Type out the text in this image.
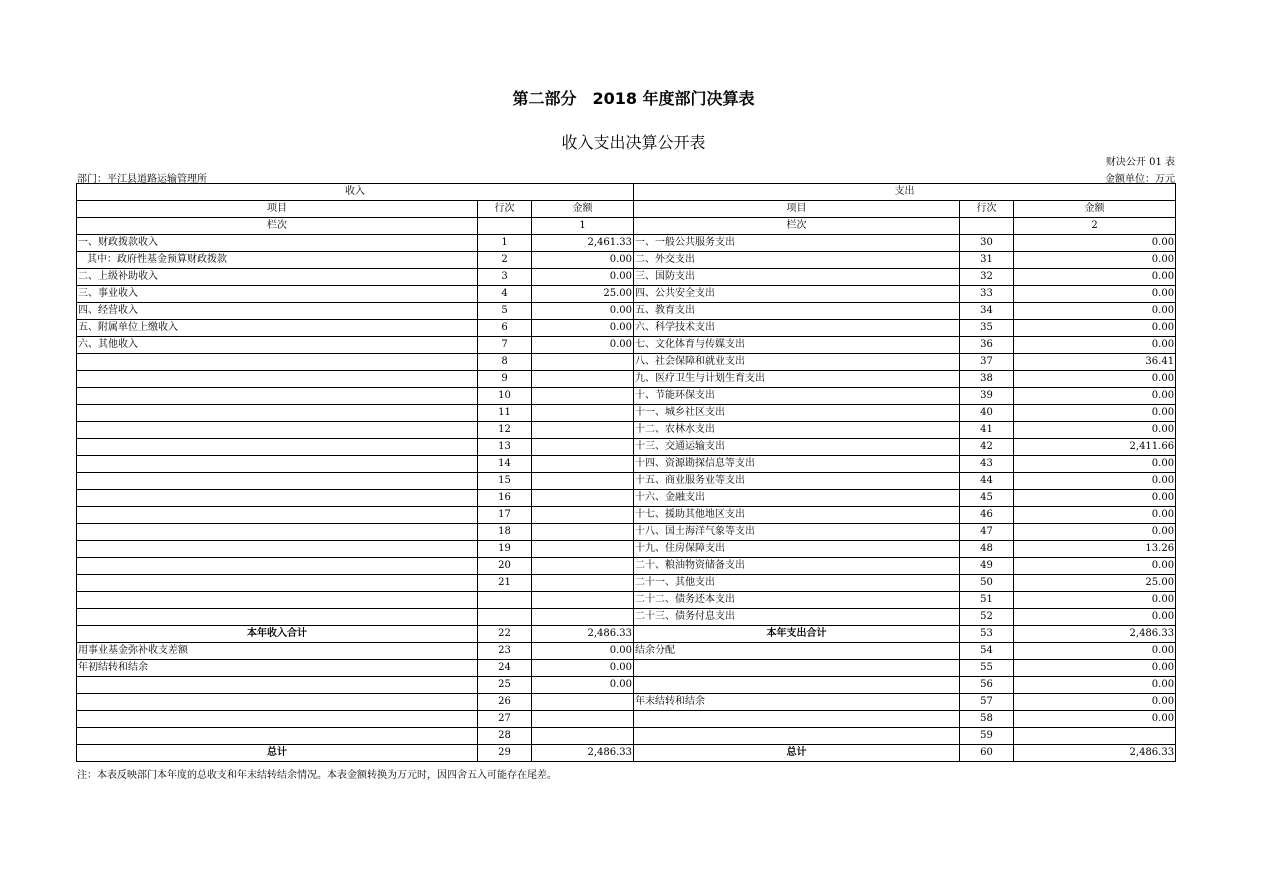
第二部分　2018 年度部门决算表
收入支出决算公开表
财决公开 01 表
部门：平江县道路运输管理所	金额单位：万元
收入			支出		
项目	行次	金额	项目	行次	金额
栏次		1	栏次		2
一、财政拨款收入	1	2,461.33	一、一般公共服务支出	30	0.00
其中：政府性基金预算财政拨款	2	0.00	二、外交支出	31	0.00
二、上级补助收入	3	0.00	三、国防支出	32	0.00
三、事业收入	4	25.00	四、公共安全支出	33	0.00
四、经营收入	5	0.00	五、教育支出	34	0.00
五、附属单位上缴收入	6	0.00	六、科学技术支出	35	0.00
六、其他收入	7	0.00	七、文化体育与传媒支出	36	0.00
	8		八、社会保障和就业支出	37	36.41
	9		九、医疗卫生与计划生育支出	38	0.00
	10		十、节能环保支出	39	0.00
	11		十一、城乡社区支出	40	0.00
	12		十二、农林水支出	41	0.00
	13		十三、交通运输支出	42	2,411.66
	14		十四、资源勘探信息等支出	43	0.00
	15		十五、商业服务业等支出	44	0.00
	16		十六、金融支出	45	0.00
	17		十七、援助其他地区支出	46	0.00
	18		十八、国土海洋气象等支出	47	0.00
	19		十九、住房保障支出	48	13.26
	20		二十、粮油物资储备支出	49	0.00
	21		二十一、其他支出	50	25.00
			二十二、债务还本支出	51	0.00
			二十三、债务付息支出	52	0.00
本年收入合计	22	2,486.33	本年支出合计	53	2,486.33
用事业基金弥补收支差额	23	0.00	结余分配	54	0.00
年初结转和结余	24	0.00		55	0.00
	25	0.00		56	0.00
	26		年末结转和结余	57	0.00
	27			58	0.00
	28			59	
总计	29	2,486.33	总计	60	2,486.33
注：本表反映部门本年度的总收支和年末结转结余情况。本表金额转换为万元时，因四舍五入可能存在尾差。
